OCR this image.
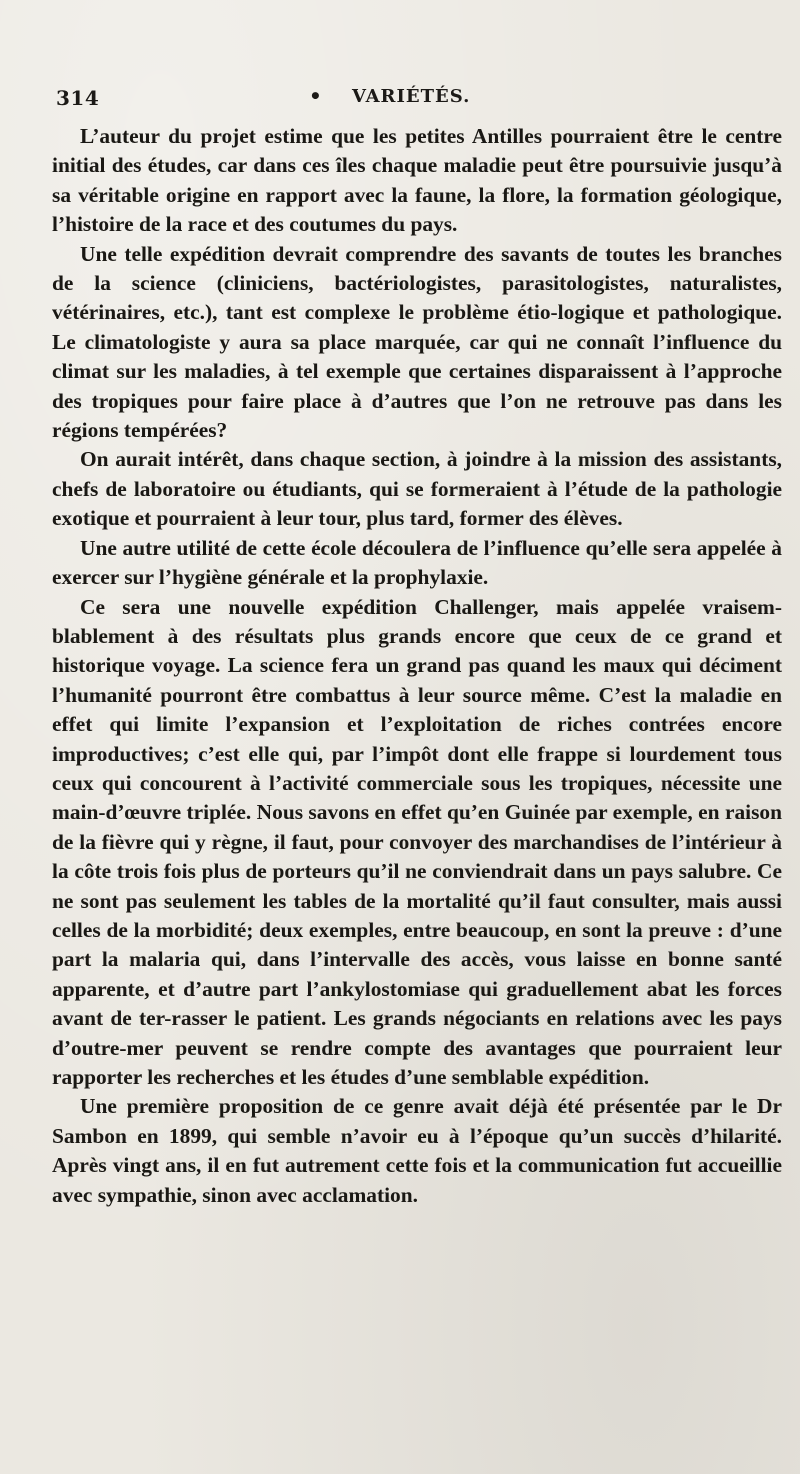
314	• VARIÉTÉS.

L’auteur du projet estime que les petites Antilles pourraient être le centre initial des études, car dans ces îles chaque maladie peut être poursuivie jusqu’à sa véritable origine en rapport avec la faune, la flore, la formation géologique, l’histoire de la race et des coutumes du pays.

Une telle expédition devrait comprendre des savants de toutes les branches de la science (cliniciens, bactériologistes, parasitologistes, naturalistes, vétérinaires, etc.), tant est complexe le problème étio-logique et pathologique. Le climatologiste y aura sa place marquée, car qui ne connaît l’influence du climat sur les maladies, à tel exemple que certaines disparaissent à l’approche des tropiques pour faire place à d’autres que l’on ne retrouve pas dans les régions tempérées?

On aurait intérêt, dans chaque section, à joindre à la mission des assistants, chefs de laboratoire ou étudiants, qui se formeraient à l’étude de la pathologie exotique et pourraient à leur tour, plus tard, former des élèves.

Une autre utilité de cette école découlera de l’influence qu’elle sera appelée à exercer sur l’hygiène générale et la prophylaxie.

Ce sera une nouvelle expédition Challenger, mais appelée vraisem-blablement à des résultats plus grands encore que ceux de ce grand et historique voyage. La science fera un grand pas quand les maux qui déciment l’humanité pourront être combattus à leur source même. C’est la maladie en effet qui limite l’expansion et l’exploitation de riches contrées encore improductives; c’est elle qui, par l’impôt dont elle frappe si lourdement tous ceux qui concourent à l’activité commerciale sous les tropiques, nécessite une main-d’œuvre triplée. Nous savons en effet qu’en Guinée par exemple, en raison de la fièvre qui y règne, il faut, pour convoyer des marchandises de l’intérieur à la côte trois fois plus de porteurs qu’il ne conviendrait dans un pays salubre. Ce ne sont pas seulement les tables de la mortalité qu’il faut consulter, mais aussi celles de la morbidité; deux exemples, entre beaucoup, en sont la preuve : d’une part la malaria qui, dans l’intervalle des accès, vous laisse en bonne santé apparente, et d’autre part l’ankylostomiase qui graduellement abat les forces avant de ter-rasser le patient. Les grands négociants en relations avec les pays d’outre-mer peuvent se rendre compte des avantages que pourraient leur rapporter les recherches et les études d’une semblable expédition.

Une première proposition de ce genre avait déjà été présentée par le Dr Sambon en 1899, qui semble n’avoir eu à l’époque qu’un succès d’hilarité. Après vingt ans, il en fut autrement cette fois et la communication fut accueillie avec sympathie, sinon avec acclamation.
